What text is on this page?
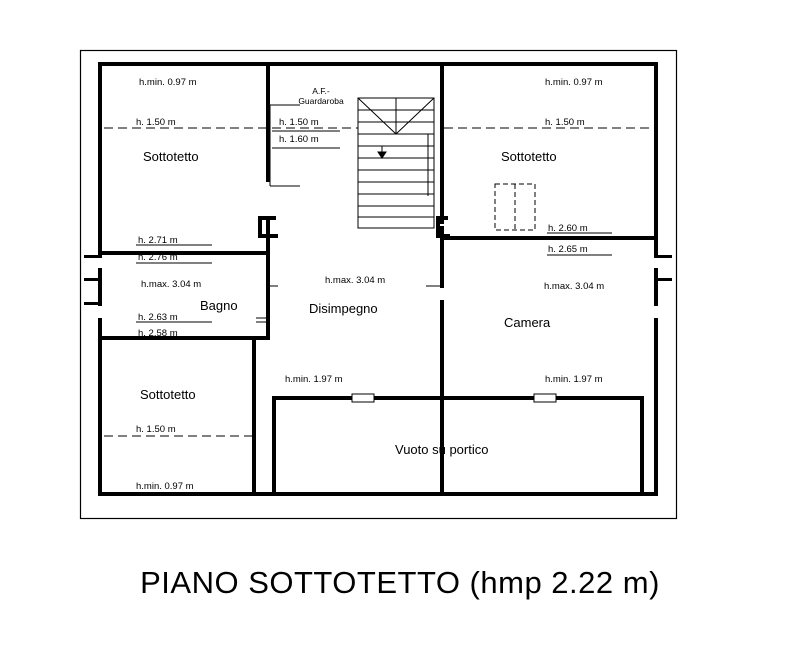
Sottotetto	Sottotetto
Sottotetto
Bagno	Disimpegno
Camera
Vuoto su portico
A.F.-
Guardaroba
h.min. 0.97 m
h. 1.50 m	h. 1.50 m
h. 1.60 m
h.min. 0.97 m
h. 1.50 m
h. 2.60 m
h. 2.65 m
h.max. 3.04 m
h. 2.71 m
h. 2.76 m
h.max. 3.04 m
h. 2.63 m
h. 2.58 m
h.max. 3.04 m
h.min. 1.97 m	h.min. 1.97 m
h. 1.50 m
h.min. 0.97 m
PIANO SOTTOTETTO (hmp 2.22 m)
